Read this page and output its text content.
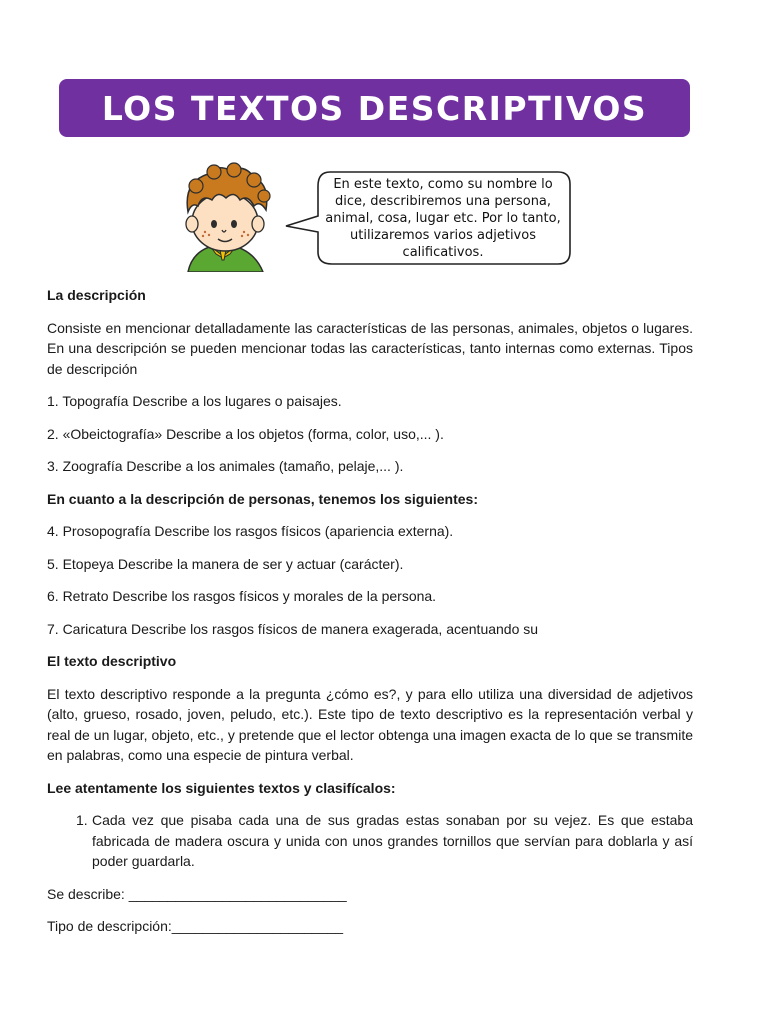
LOS TEXTOS DESCRIPTIVOS
En este texto, como su nombre lo dice, describiremos una persona, animal, cosa, lugar etc. Por lo tanto, utilizaremos varios adjetivos calificativos.
La descripción

Consiste en mencionar detalladamente las características de las personas, animales, objetos o lugares. En una descripción se pueden mencionar todas las características, tanto internas como externas. Tipos de descripción

1. Topografía Describe a los lugares o paisajes.

2. «Obeictografía» Describe a los objetos (forma, color, uso,... ).

3. Zoografía Describe a los animales (tamaño, pelaje,... ).

En cuanto a la descripción de personas, tenemos los siguientes:

4. Prosopografía Describe los rasgos físicos (apariencia externa).

5. Etopeya Describe la manera de ser y actuar (carácter).

6. Retrato Describe los rasgos físicos y morales de la persona.

7. Caricatura Describe los rasgos físicos de manera exagerada, acentuando su

El texto descriptivo

El texto descriptivo responde a la pregunta ¿cómo es?, y para ello utiliza una diversidad de adjetivos (alto, grueso, rosado, joven, peludo, etc.). Este tipo de texto descriptivo es la representación verbal y real de un lugar, objeto, etc., y pretende que el lector obtenga una imagen exacta de lo que se transmite en palabras, como una especie de pintura verbal.

Lee atentamente los siguientes textos y clasifícalos:
1. Cada vez que pisaba cada una de sus gradas estas sonaban por su vejez. Es que estaba fabricada de madera oscura y unida con unos grandes tornillos que servían para doblarla y así poder guardarla.

Se describe: ____________________________

Tipo de descripción:______________________
